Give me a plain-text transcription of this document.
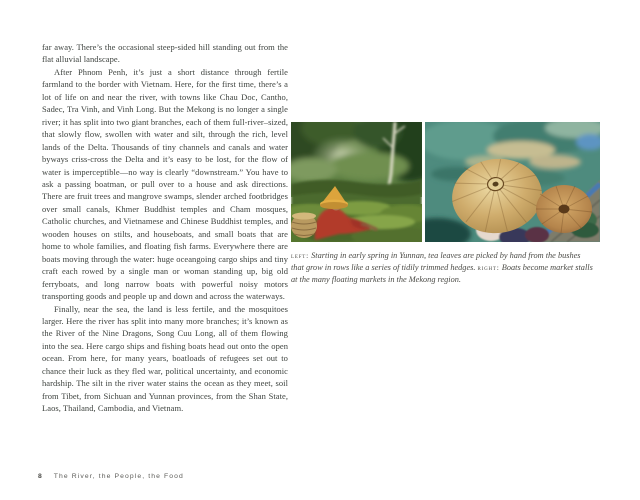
far away. There’s the occasional steep-sided hill standing out from the flat alluvial landscape.

After Phnom Penh, it’s just a short distance through fertile farmland to the border with Vietnam. Here, for the first time, there’s a lot of life on and near the river, with towns like Chau Doc, Cantho, Sadec, Tra Vinh, and Vinh Long. But the Mekong is no longer a single river; it has split into two giant branches, each of them full-river–sized, that slowly flow, swollen with water and silt, through the rich, level lands of the Delta. Thousands of tiny channels and canals and water byways criss-cross the Delta and it’s easy to be lost, for the flow of water is imperceptible—no way is clearly “downstream.” You have to ask a passing boatman, or pull over to a house and ask directions. There are fruit trees and mangrove swamps, slender arched footbridges over small canals, Khmer Buddhist temples and Cham mosques, Catholic churches, and Vietnamese and Chinese Buddhist temples, and wooden houses on stilts, and houseboats, and small boats that are home to whole families, and floating fish farms. Everywhere there are boats moving through the water: huge oceangoing cargo ships and tiny craft each rowed by a single man or woman standing up, big old ferryboats, and long narrow boats with powerful noisy motors transporting goods and people up and down and across the waterways.

Finally, near the sea, the land is less fertile, and the mosquitoes larger. Here the river has split into many more branches; it’s known as the River of the Nine Dragons, Song Cuu Long, all of them flowing into the sea. Here cargo ships and fishing boats head out onto the open ocean. From here, for many years, boatloads of refugees set out to chance their luck as they fled war, political uncertainty, and economic hardship. The silt in the river water stains the ocean as they meet, soil from Tibet, from Sichuan and Yunnan provinces, from the Shan State, Laos, Thailand, Cambodia, and Vietnam.

left: Starting in early spring in Yunnan, tea leaves are picked by hand from the bushes that grow in rows like a series of tidily trimmed hedges. right: Boats become market stalls at the many floating markets in the Mekong region.
8 The River, the People, the Food
